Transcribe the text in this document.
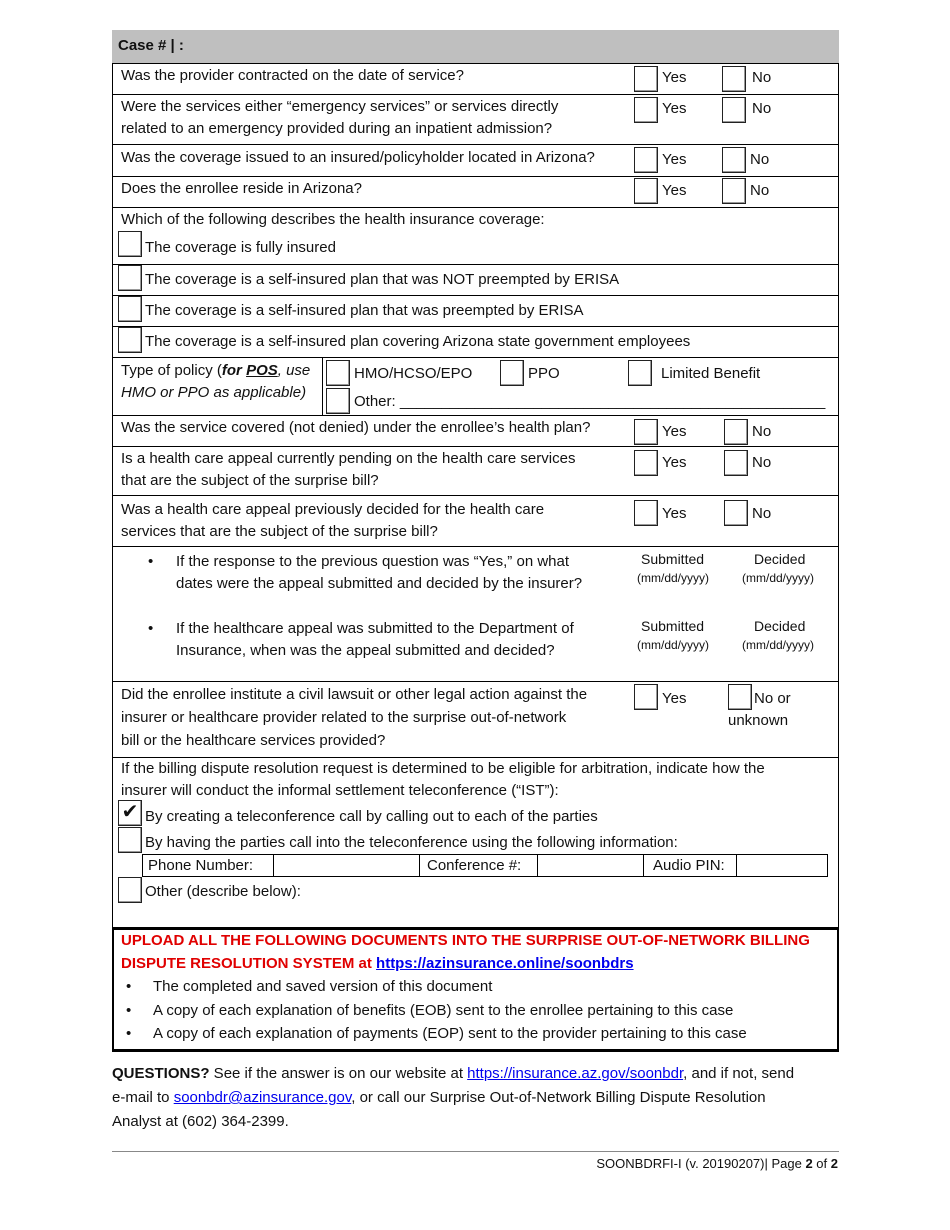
Case # | :
Was the provider contracted on the date of service?	Yes	No
Were the services either “emergency services” or services directly
related to an emergency provided during an inpatient admission?
Yes	No
Was the coverage issued to an insured/policyholder located in Arizona?	Yes	No
Does the enrollee reside in Arizona?	Yes	No
Which of the following describes the health insurance coverage:
The coverage is fully insured
The coverage is a self-insured plan that was NOT preempted by ERISA
The coverage is a self-insured plan that was preempted by ERISA
The coverage is a self-insured plan covering Arizona state government employees
Type of policy (for POS, use
HMO or PPO as applicable)
HMO/HCSO/EPO	PPO	Limited Benefit
Other: ___________________________________________________
Was the service covered (not denied) under the enrollee’s health plan?	Yes	No
Is a health care appeal currently pending on the health care services
that are the subject of the surprise bill?
Yes	No
Was a health care appeal previously decided for the health care
services that are the subject of the surprise bill?
Yes	No
• If the response to the previous question was “Yes,” on what
dates were the appeal submitted and decided by the insurer?
Submitted	Decided
(mm/dd/yyyy)	(mm/dd/yyyy)
• If the healthcare appeal was submitted to the Department of
Insurance, when was the appeal submitted and decided?
Submitted	Decided
(mm/dd/yyyy)	(mm/dd/yyyy)
Did the enrollee institute a civil lawsuit or other legal action against the
insurer or healthcare provider related to the surprise out-of-network
bill or the healthcare services provided?
Yes	No or
unknown
If the billing dispute resolution request is determined to be eligible for arbitration, indicate how the
insurer will conduct the informal settlement teleconference (“IST”):
✔ By creating a teleconference call by calling out to each of the parties
By having the parties call into the teleconference using the following information:
Phone Number:	Conference #:	Audio PIN:
Other (describe below):
UPLOAD ALL THE FOLLOWING DOCUMENTS INTO THE SURPRISE OUT-OF-NETWORK BILLING
DISPUTE RESOLUTION SYSTEM at https://azinsurance.online/soonbdrs
• The completed and saved version of this document
• A copy of each explanation of benefits (EOB) sent to the enrollee pertaining to this case
• A copy of each explanation of payments (EOP) sent to the provider pertaining to this case
QUESTIONS? See if the answer is on our website at https://insurance.az.gov/soonbdr, and if not, send
e-mail to soonbdr@azinsurance.gov, or call our Surprise Out-of-Network Billing Dispute Resolution
Analyst at (602) 364-2399.
SOONBDRFI-I (v. 20190207)| Page 2 of 2
